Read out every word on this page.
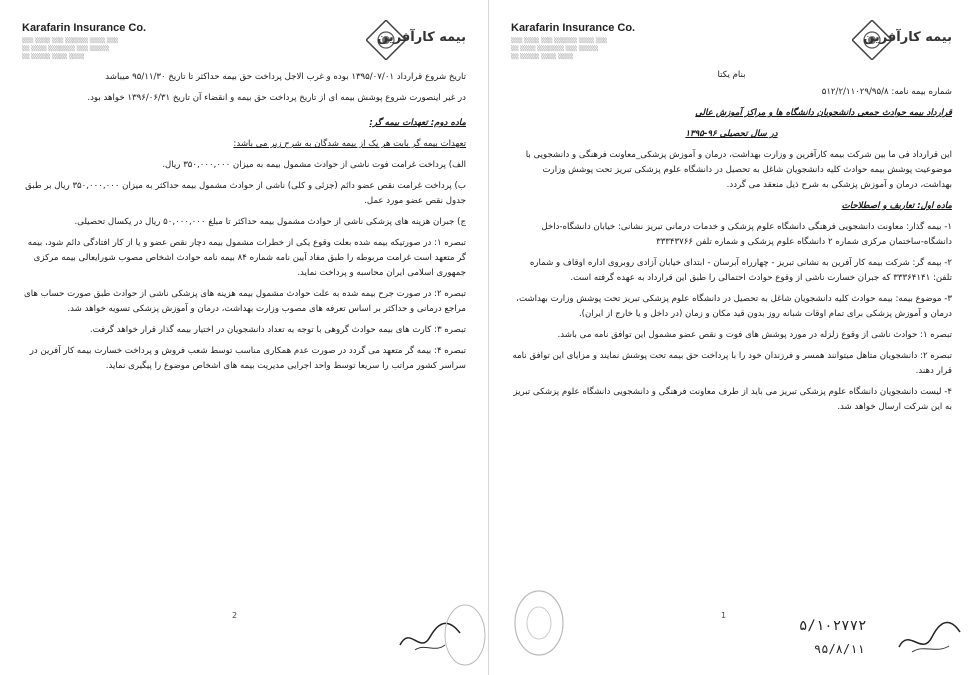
Karafarin Insurance Co.
░░░ ░░░░ ░░░░░░ ░░░ ░░░░ ░░░
░░░░░ ░░░ ░░░░░░░ ░░░░ ░░
░░░░ ░░░░ ░░░░░ ░░
بیمه کارآفرین

تاریخ شروع قرارداد ۱۳۹۵/۰۷/۰۱ بوده و غرب الاجل پرداخت حق بیمه حداکثر تا تاریخ ۹۵/۱۱/۳۰ میباشد

در غیر اینصورت شروع پوشش بیمه ای از تاریخ پرداخت حق بیمه و انقضاء آن تاریخ ۱۳۹۶/۰۶/۳۱ خواهد بود.

ماده دوم: تعهدات بیمه گر:

تعهدات بیمه گر بابت هر یک از بیمه شدگان به شرح زیر می باشد:

الف) پرداخت غرامت فوت ناشی از حوادث مشمول بیمه به میزان ۳۵۰,۰۰۰,۰۰۰ ریال.

ب) پرداخت غرامت نقص عضو دائم (جزئی و کلی) ناشی از حوادث مشمول بیمه حداکثر به میزان ۳۵۰,۰۰۰,۰۰۰ ریال بر طبق جدول نقص عضو مورد عمل.

ج) جبران هزینه های پزشکی ناشی از حوادث مشمول بیمه حداکثر تا مبلغ ۵۰,۰۰۰,۰۰۰ ریال در یکسال تحصیلی.

تبصره ۱: در صورتیکه بیمه شده بعلت وقوع یکی از خطرات مشمول بیمه دچار نقص عضو و یا از کار افتادگی دائم شود، بیمه گر متعهد است غرامت مربوطه را طبق مفاد آیین نامه شماره ۸۴ بیمه نامه حوادث اشخاص مصوب شورایعالی بیمه مرکزی جمهوری اسلامی ایران محاسبه و پرداخت نماید.

تبصره ۲: در صورت جرح بیمه شده به علت حوادث مشمول بیمه هزینه های پزشکی ناشی از حوادث طبق صورت حساب های مراجع درمانی و حداکثر بر اساس تعرفه های مصوب وزارت بهداشت، درمان و آموزش پزشکی تسویه خواهد شد.

تبصره ۳: کارت های بیمه حوادث گروهی با توجه به تعداد دانشجویان در اختیار بیمه گذار قرار خواهد گرفت.

تبصره ۴: بیمه گر متعهد می گردد در صورت عدم همکاری مناسب توسط شعب فروش و پرداخت خسارت بیمه کار آفرین در سراسر کشور مراتب را سریعا توسط واحد اجرایی مدیریت بیمه های اشخاص موضوع را پیگیری نماید.

2
Karafarin Insurance Co.
░░░ ░░░░ ░░░░░░ ░░░ ░░░░ ░░░
░░░░░ ░░░ ░░░░░░░ ░░░░ ░░
░░░░ ░░░░ ░░░░░ ░░
بیمه کارآفرین

بنام یکتا

شماره بیمه نامه: ۵۱۲/۲/۱۱۰۲۹/۹۵/۸

قرارداد بیمه حوادث جمعی دانشجویان دانشگاه ها و مراکز آموزش عالی

در سال تحصیلی ۹۶-۱۳۹۵

این قرارداد فی ما بین شرکت بیمه کارآفرین و وزارت بهداشت، درمان و آموزش پزشکی_معاونت فرهنگی و دانشجویی با موضوعیت پوشش بیمه حوادث کلیه دانشجویان شاغل به تحصیل در دانشگاه علوم پزشکی تبریز تحت پوشش وزارت بهداشت، درمان و آموزش پزشکی به شرح ذیل منعقد می گردد.

ماده اول: تعاریف و اصطلاحات

۱- بیمه گذار: معاونت دانشجویی فرهنگی دانشگاه علوم پزشکی و خدمات درمانی تبریز نشانی: خیابان دانشگاه-داخل دانشگاه-ساختمان مرکزی شماره ۲ دانشگاه علوم پزشکی و شماره تلفن ۳۳۳۴۳۷۶۶

۲- بیمه گر: شرکت بیمه کار آفرین به نشانی تبریز - چهارراه آبرسان - ابتدای خیابان آزادی روبروی اداره اوقاف و شماره تلفن: ۳۳۳۶۴۱۴۱ که جبران خسارت ناشی از وقوع حوادث احتمالی را طبق این قرارداد به عهده گرفته است.

۳- موضوع بیمه: بیمه حوادث کلیه دانشجویان شاغل به تحصیل در دانشگاه علوم پزشکی تبریز تحت پوشش وزارت بهداشت، درمان و آموزش پزشکی برای تمام اوقات شبانه روز بدون قید مکان و زمان (در داخل و یا خارج از ایران).

تبصره ۱: حوادث ناشی از وقوع زلزله در مورد پوشش های فوت و نقص عضو مشمول این توافق نامه می باشد.

تبصره ۲: دانشجویان متاهل میتوانند همسر و فرزندان خود را با پرداخت حق بیمه تحت پوشش نمایند و مزایای این توافق نامه قرار دهند.

۴- لیست دانشجویان دانشگاه علوم پزشکی تبریز می باید از طرف معاونت فرهنگی و دانشجویی دانشگاه علوم پزشکی تبریز به این شرکت ارسال خواهد شد.

1
۵/۱۰۲۷۷۲
۹۵/۸/۱۱
